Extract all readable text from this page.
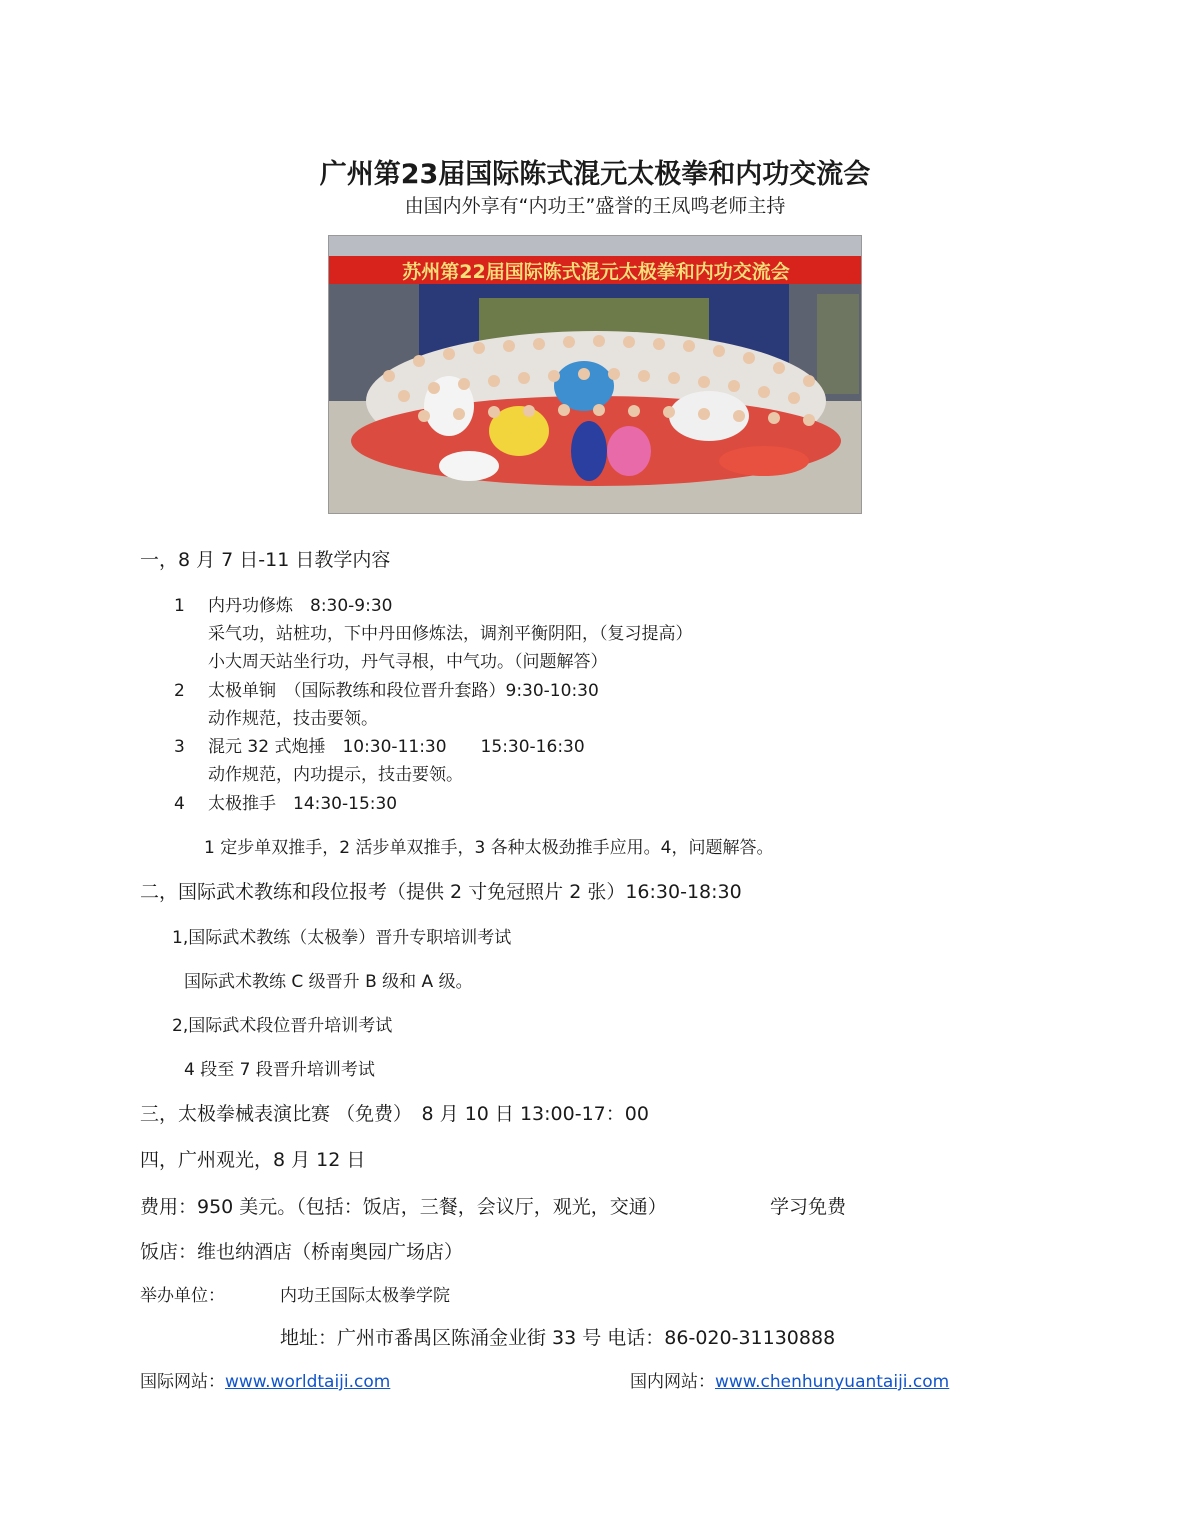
广州第23届国际陈式混元太极拳和内功交流会
由国内外享有“内功王”盛誉的王凤鸣老师主持
苏州第22届国际陈式混元太极拳和内功交流会
一，8 月 7 日-11 日教学内容
1 内丹功修炼　8:30-9:30
采气功，站桩功，下中丹田修炼法，调剂平衡阴阳，（复习提高）
小大周天站坐行功，丹气寻根，中气功。（问题解答）
2 太极单锏　（国际教练和段位晋升套路）9:30-10:30
动作规范，技击要领。
3 混元 32 式炮捶　10:30-11:30　　15:30-16:30
动作规范，内功提示，技击要领。
4 太极推手　14:30-15:30
1 定步单双推手，2 活步单双推手，3 各种太极劲推手应用。4，问题解答。
二，国际武术教练和段位报考（提供 2 寸免冠照片 2 张）16:30-18:30
1,国际武术教练（太极拳）晋升专职培训考试
国际武术教练 C 级晋升 B 级和 A 级。
2,国际武术段位晋升培训考试
4 段至 7 段晋升培训考试
三，太极拳械表演比赛 （免费）　8 月 10 日 13:00-17：00
四，广州观光，8 月 12 日
费用：950 美元。（包括：饭店，三餐，会议厅，观光，交通）	学习免费
饭店：维也纳酒店（桥南奥园广场店）
举办单位：	内功王国际太极拳学院
地址：广州市番禺区陈涌金业街 33 号 电话：86-020-31130888
国际网站：www.worldtaiji.com	国内网站：www.chenhunyuantaiji.com
